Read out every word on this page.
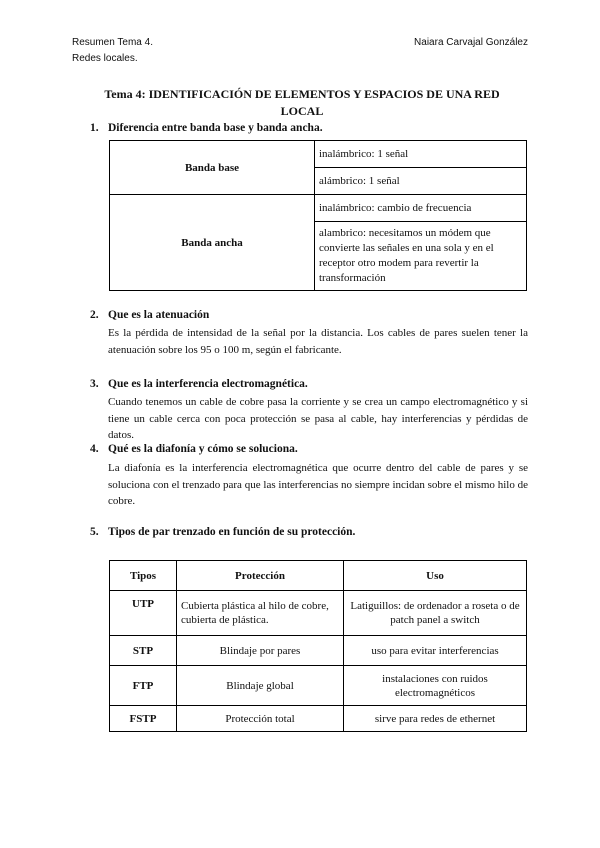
Resumen Tema 4.
Redes locales.
Naiara Carvajal González
Tema 4: IDENTIFICACIÓN DE ELEMENTOS Y ESPACIOS DE UNA RED
LOCAL
1. Diferencia entre banda base y banda ancha.
Banda base	inalámbrico: 1 señal
	alámbrico: 1 señal
Banda ancha	inalámbrico: cambio de frecuencia
	alambrico: necesitamos un módem que convierte las señales en una sola y en el receptor otro modem para revertir la transformación
2. Que es la atenuación
Es la pérdida de intensidad de la señal por la distancia. Los cables de pares suelen tener la atenuación sobre los 95 o 100 m, según el fabricante.
3. Que es la interferencia electromagnética.
Cuando tenemos un cable de cobre pasa la corriente y se crea un campo electromagnético y si tiene un cable cerca con poca protección se pasa al cable, hay interferencias y pérdidas de datos.
4. Qué es la diafonía y cómo se soluciona.
La diafonía es la interferencia electromagnética que ocurre dentro del cable de pares y se soluciona con el trenzado para que las interferencias no siempre incidan sobre el mismo hilo de cobre.
5. Tipos de par trenzado en función de su protección.
Tipos	Protección	Uso
UTP	Cubierta plástica al hilo de cobre, cubierta de plástica.	Latiguillos: de ordenador a roseta o de patch panel a switch
STP	Blindaje por pares	uso para evitar interferencias
FTP	Blindaje global	instalaciones con ruidos electromagnéticos
FSTP	Protección total	sirve para redes de ethernet
